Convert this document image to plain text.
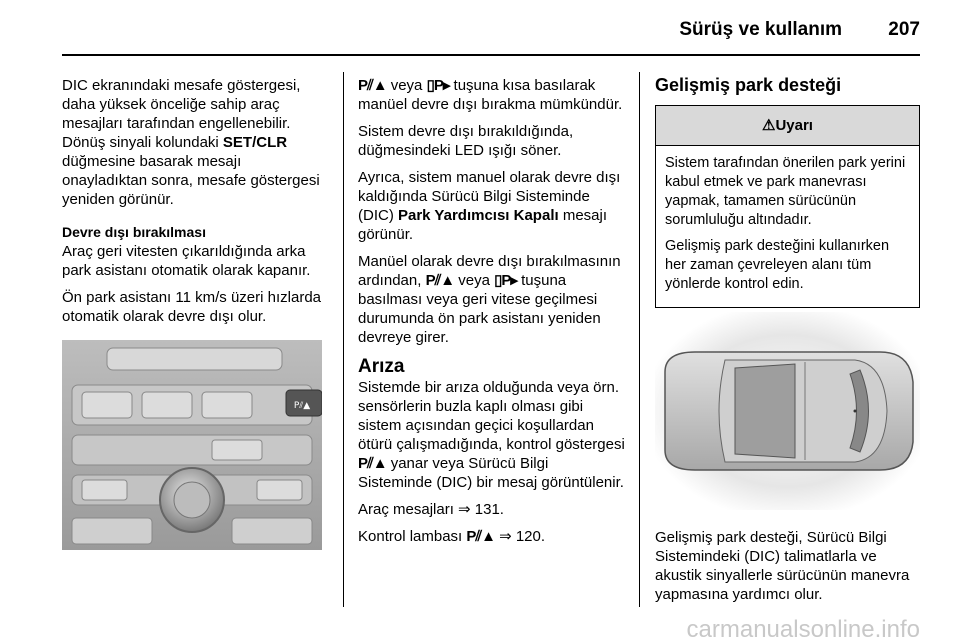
Sürüş ve kullanım 207

DIC ekranındaki mesafe göstergesi, daha yüksek önceliğe sahip araç mesajları tarafından engellenebilir. Dönüş sinyali kolundaki SET/CLR düğmesine basarak mesajı onayladıktan sonra, mesafe göstergesi yeniden görünür.

Devre dışı bırakılması

Araç geri vitesten çıkarıldığında arka park asistanı otomatik olarak kapanır.

Ön park asistanı 11 km/s üzeri hızlarda otomatik olarak devre dışı olur.

P⫽▲

P⫽▲ veya ▯P▸ tuşuna kısa basılarak manüel devre dışı bırakma mümkündür.

Sistem devre dışı bırakıldığında, düğmesindeki LED ışığı söner.

Ayrıca, sistem manuel olarak devre dışı kaldığında Sürücü Bilgi Sisteminde (DIC) Park Yardımcısı Kapalı mesajı görünür.

Manüel olarak devre dışı bırakılmasının ardından, P⫽▲ veya ▯P▸ tuşuna basılması veya geri vitese geçilmesi durumunda ön park asistanı yeniden devreye girer.

Arıza

Sistemde bir arıza olduğunda veya örn. sensörlerin buzla kaplı olması gibi sistem açısından geçici koşullardan ötürü çalışmadığında, kontrol göstergesi P⫽▲ yanar veya Sürücü Bilgi Sisteminde (DIC) bir mesaj görüntülenir.

Araç mesajları ⇒ 131.

Kontrol lambası P⫽▲ ⇒ 120.

Gelişmiş park desteği
⚠Uyarı

Sistem tarafından önerilen park yerini kabul etmek ve park manevrası yapmak, tamamen sürücünün sorumluluğu altındadır.

Gelişmiş park desteğini kullanırken her zaman çevreleyen alanı tüm yönlerde kontrol edin.

Gelişmiş park desteği, Sürücü Bilgi Sistemindeki (DIC) talimatlarla ve akustik sinyallerle sürücünün manevra yapmasına yardımcı olur.
carmanualsonline.info
